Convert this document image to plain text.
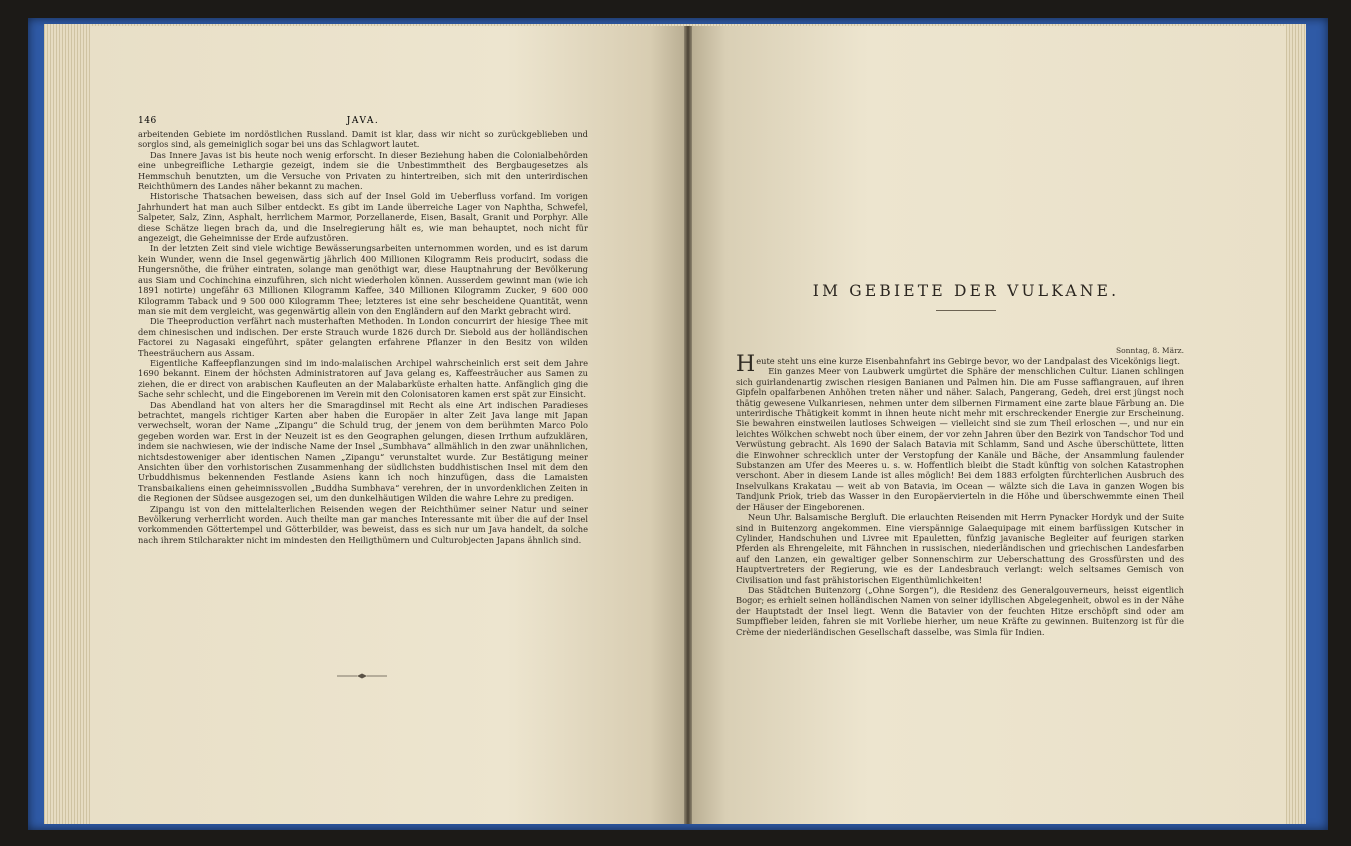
146	JAVA.

arbeitenden Gebiete im nordöstlichen Russland. Damit ist klar, dass wir nicht so zurückgeblieben und sorglos sind, als gemeiniglich sogar bei uns das Schlagwort lautet.

Das Innere Javas ist bis heute noch wenig erforscht. In dieser Beziehung haben die Colonialbehörden eine unbegreifliche Lethargie gezeigt, indem sie die Unbestimmtheit des Bergbaugesetzes als Hemmschuh benutzten, um die Versuche von Privaten zu hintertreiben, sich mit den unterirdischen Reichthümern des Landes näher bekannt zu machen.

Historische Thatsachen beweisen, dass sich auf der Insel Gold im Ueberfluss vorfand. Im vorigen Jahrhundert hat man auch Silber entdeckt. Es gibt im Lande überreiche Lager von Naphtha, Schwefel, Salpeter, Salz, Zinn, Asphalt, herrlichem Marmor, Porzellanerde, Eisen, Basalt, Granit und Porphyr. Alle diese Schätze liegen brach da, und die Inselregierung hält es, wie man behauptet, noch nicht für angezeigt, die Geheimnisse der Erde aufzustören.

In der letzten Zeit sind viele wichtige Bewässerungsarbeiten unternommen worden, und es ist darum kein Wunder, wenn die Insel gegenwärtig jährlich 400 Millionen Kilogramm Reis producirt, sodass die Hungersnöthe, die früher eintraten, solange man genöthigt war, diese Hauptnahrung der Bevölkerung aus Siam und Cochinchina einzuführen, sich nicht wiederholen können. Ausserdem gewinnt man (wie ich 1891 notirte) ungefähr 63 Millionen Kilogramm Kaffee, 340 Millionen Kilogramm Zucker, 9 600 000 Kilogramm Taback und 9 500 000 Kilogramm Thee; letzteres ist eine sehr bescheidene Quantität, wenn man sie mit dem vergleicht, was gegenwärtig allein von den Engländern auf den Markt gebracht wird.

Die Theeproduction verfährt nach musterhaften Methoden. In London concurrirt der hiesige Thee mit dem chinesischen und indischen. Der erste Strauch wurde 1826 durch Dr. Siebold aus der holländischen Factorei zu Nagasaki eingeführt, später gelangten erfahrene Pflanzer in den Besitz von wilden Theesträuchern aus Assam.

Eigentliche Kaffeepflanzungen sind im indo-malaiischen Archipel wahrscheinlich erst seit dem Jahre 1690 bekannt. Einem der höchsten Administratoren auf Java gelang es, Kaffeesträucher aus Samen zu ziehen, die er direct von arabischen Kaufleuten an der Malabarküste erhalten hatte. Anfänglich ging die Sache sehr schlecht, und die Eingeborenen im Verein mit den Colonisatoren kamen erst spät zur Einsicht.

Das Abendland hat von alters her die Smaragdinsel mit Recht als eine Art indischen Paradieses betrachtet, mangels richtiger Karten aber haben die Europäer in alter Zeit Java lange mit Japan verwechselt, woran der Name „Zipangu“ die Schuld trug, der jenem von dem berühmten Marco Polo gegeben worden war. Erst in der Neuzeit ist es den Geographen gelungen, diesen Irrthum aufzuklären, indem sie nachwiesen, wie der indische Name der Insel „Sumbhava“ allmählich in den zwar unähnlichen, nichtsdestoweniger aber identischen Namen „Zipangu“ verunstaltet wurde. Zur Bestätigung meiner Ansichten über den vorhistorischen Zusammenhang der südlichsten buddhistischen Insel mit dem den Urbuddhismus bekennenden Festlande Asiens kann ich noch hinzufügen, dass die Lamaisten Transbaikaliens einen geheimnissvollen „Buddha Sumbhava“ verehren, der in unvordenklichen Zeiten in die Regionen der Südsee ausgezogen sei, um den dunkelhäutigen Wilden die wahre Lehre zu predigen.

Zipangu ist von den mittelalterlichen Reisenden wegen der Reichthümer seiner Natur und seiner Bevölkerung verherrlicht worden. Auch theilte man gar manches Interessante mit über die auf der Insel vorkommenden Göttertempel und Götterbilder, was beweist, dass es sich nur um Java handelt, da solche nach ihrem Stilcharakter nicht im mindesten den Heiligthümern und Culturobjecten Japans ähnlich sind.

IM GEBIETE DER VULKANE.
Sonntag, 8. März.

Heute steht uns eine kurze Eisenbahnfahrt ins Gebirge bevor, wo der Landpalast des Vicekönigs liegt.

Ein ganzes Meer von Laubwerk umgürtet die Sphäre der menschlichen Cultur. Lianen schlingen sich guirlandenartig zwischen riesigen Banianen und Palmen hin. Die am Fusse saffiangrauen, auf ihren Gipfeln opalfarbenen Anhöhen treten näher und näher. Salach, Pangerang, Gedeh, drei erst jüngst noch thätig gewesene Vulkanriesen, nehmen unter dem silbernen Firmament eine zarte blaue Färbung an. Die unterirdische Thätigkeit kommt in ihnen heute nicht mehr mit erschreckender Energie zur Erscheinung. Sie bewahren einstweilen lautloses Schweigen — vielleicht sind sie zum Theil erloschen —, und nur ein leichtes Wölkchen schwebt noch über einem, der vor zehn Jahren über den Bezirk von Tandschor Tod und Verwüstung gebracht. Als 1690 der Salach Batavia mit Schlamm, Sand und Asche überschüttete, litten die Einwohner schrecklich unter der Verstopfung der Kanäle und Bäche, der Ansammlung faulender Substanzen am Ufer des Meeres u. s. w. Hoffentlich bleibt die Stadt künftig von solchen Katastrophen verschont. Aber in diesem Lande ist alles möglich! Bei dem 1883 erfolgten fürchterlichen Ausbruch des Inselvulkans Krakatau — weit ab von Batavia, im Ocean — wälzte sich die Lava in ganzen Wogen bis Tandjunk Priok, trieb das Wasser in den Europäervierteln in die Höhe und überschwemmte einen Theil der Häuser der Eingeborenen.

Neun Uhr. Balsamische Bergluft. Die erlauchten Reisenden mit Herrn Pynacker Hordyk und der Suite sind in Buitenzorg angekommen. Eine vierspännige Galaequipage mit einem barfüssigen Kutscher in Cylinder, Handschuhen und Livree mit Epauletten, fünfzig javanische Begleiter auf feurigen starken Pferden als Ehrengeleite, mit Fähnchen in russischen, niederländischen und griechischen Landesfarben auf den Lanzen, ein gewaltiger gelber Sonnenschirm zur Ueberschattung des Grossfürsten und des Hauptvertreters der Regierung, wie es der Landesbrauch verlangt: welch seltsames Gemisch von Civilisation und fast prähistorischen Eigenthümlichkeiten!

Das Städtchen Buitenzorg („Ohne Sorgen“), die Residenz des Generalgouverneurs, heisst eigentlich Bogor; es erhielt seinen holländischen Namen von seiner idyllischen Abgelegenheit, obwol es in der Nähe der Hauptstadt der Insel liegt. Wenn die Batavier von der feuchten Hitze erschöpft sind oder am Sumpffieber leiden, fahren sie mit Vorliebe hierher, um neue Kräfte zu gewinnen. Buitenzorg ist für die Crème der niederländischen Gesellschaft dasselbe, was Simla für Indien.
